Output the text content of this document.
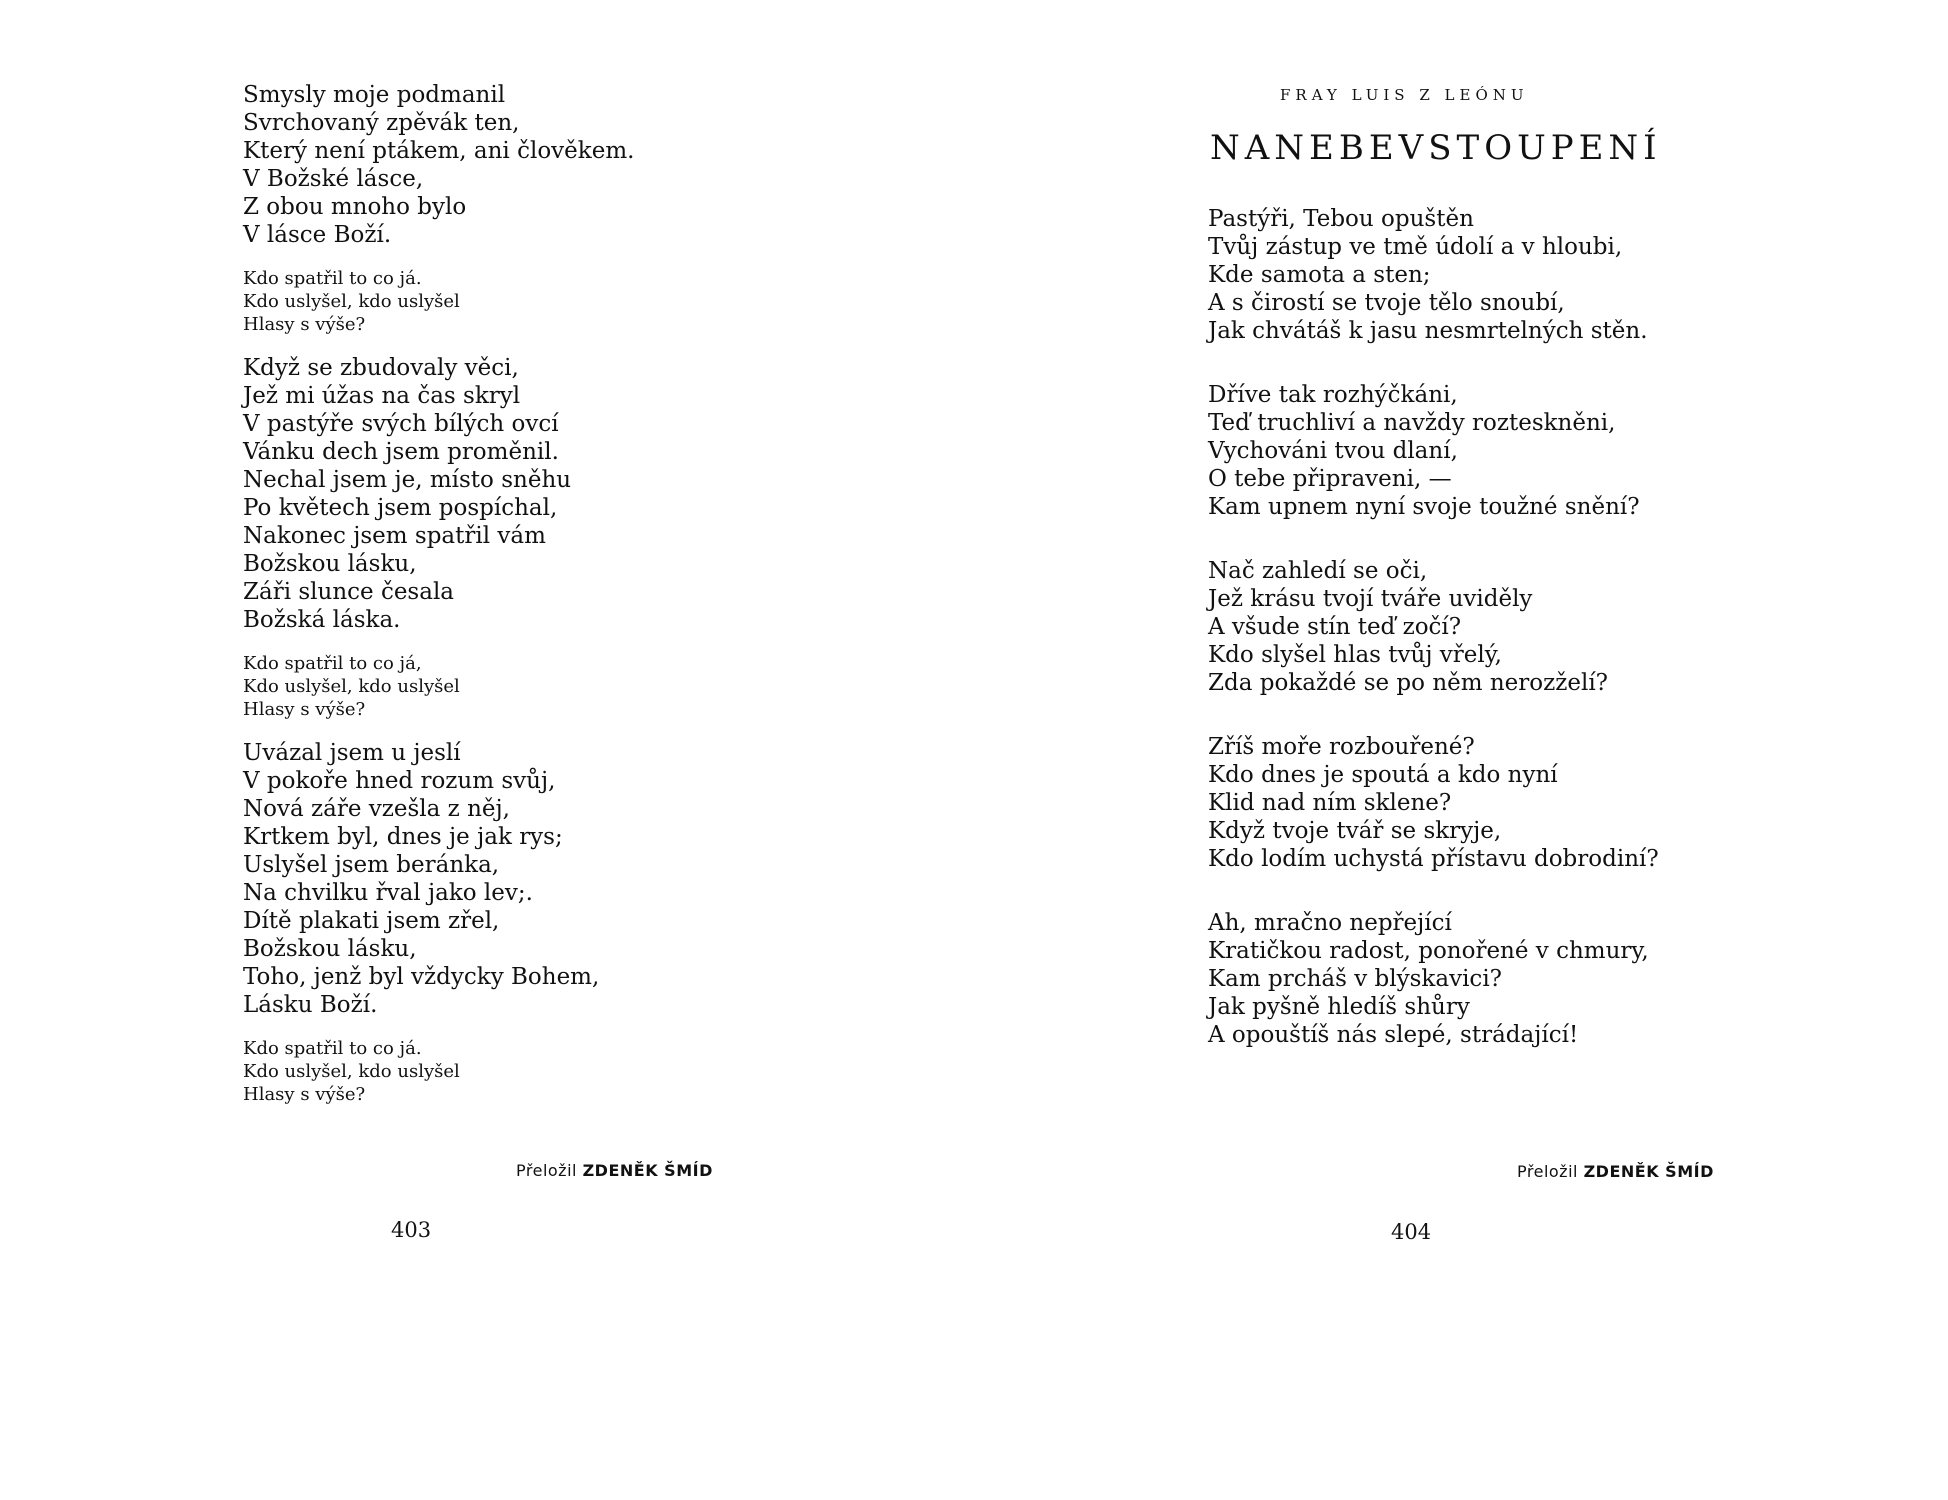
Smysly moje podmanil
Svrchovaný zpěvák ten,
Který není ptákem, ani člověkem.
V Božské lásce,
Z obou mnoho bylo
V lásce Boží.
Kdo spatřil to co já.
Kdo uslyšel, kdo uslyšel
Hlasy s výše?
Když se zbudovaly věci,
Jež mi úžas na čas skryl
V pastýře svých bílých ovcí
Vánku dech jsem proměnil.
Nechal jsem je, místo sněhu
Po květech jsem pospíchal,
Nakonec jsem spatřil vám
Božskou lásku,
Záři slunce česala
Božská láska.
Kdo spatřil to co já,
Kdo uslyšel, kdo uslyšel
Hlasy s výše?
Uvázal jsem u jeslí
V pokoře hned rozum svůj,
Nová záře vzešla z něj,
Krtkem byl, dnes je jak rys;
Uslyšel jsem beránka,
Na chvilku řval jako lev;.
Dítě plakati jsem zřel,
Božskou lásku,
Toho, jenž byl vždycky Bohem,
Lásku Boží.
Kdo spatřil to co já.
Kdo uslyšel, kdo uslyšel
Hlasy s výše?
Přeložil ZDENĚK ŠMÍD
403
FRAY LUIS Z LEÓNU
NANEBEVSTOUPENÍ
Pastýři, Tebou opuštěn
Tvůj zástup ve tmě údolí a v hloubi,
Kde samota a sten;
A s čirostí se tvoje tělo snoubí,
Jak chvátáš k jasu nesmrtelných stěn.
Dříve tak rozhýčkáni,
Teď truchliví a navždy rozteskněni,
Vychováni tvou dlaní,
O tebe připraveni, —
Kam upnem nyní svoje toužné snění?
Nač zahledí se oči,
Jež krásu tvojí tváře uviděly
A všude stín teď zočí?
Kdo slyšel hlas tvůj vřelý,
Zda pokaždé se po něm nerozželí?
Zříš moře rozbouřené?
Kdo dnes je spoutá a kdo nyní
Klid nad ním sklene?
Když tvoje tvář se skryje,
Kdo lodím uchystá přístavu dobrodiní?
Ah, mračno nepřející
Kratičkou radost, ponořené v chmury,
Kam prcháš v blýskavici?
Jak pyšně hledíš shůry
A opouštíš nás slepé, strádající!
Přeložil ZDENĚK ŠMÍD
404
